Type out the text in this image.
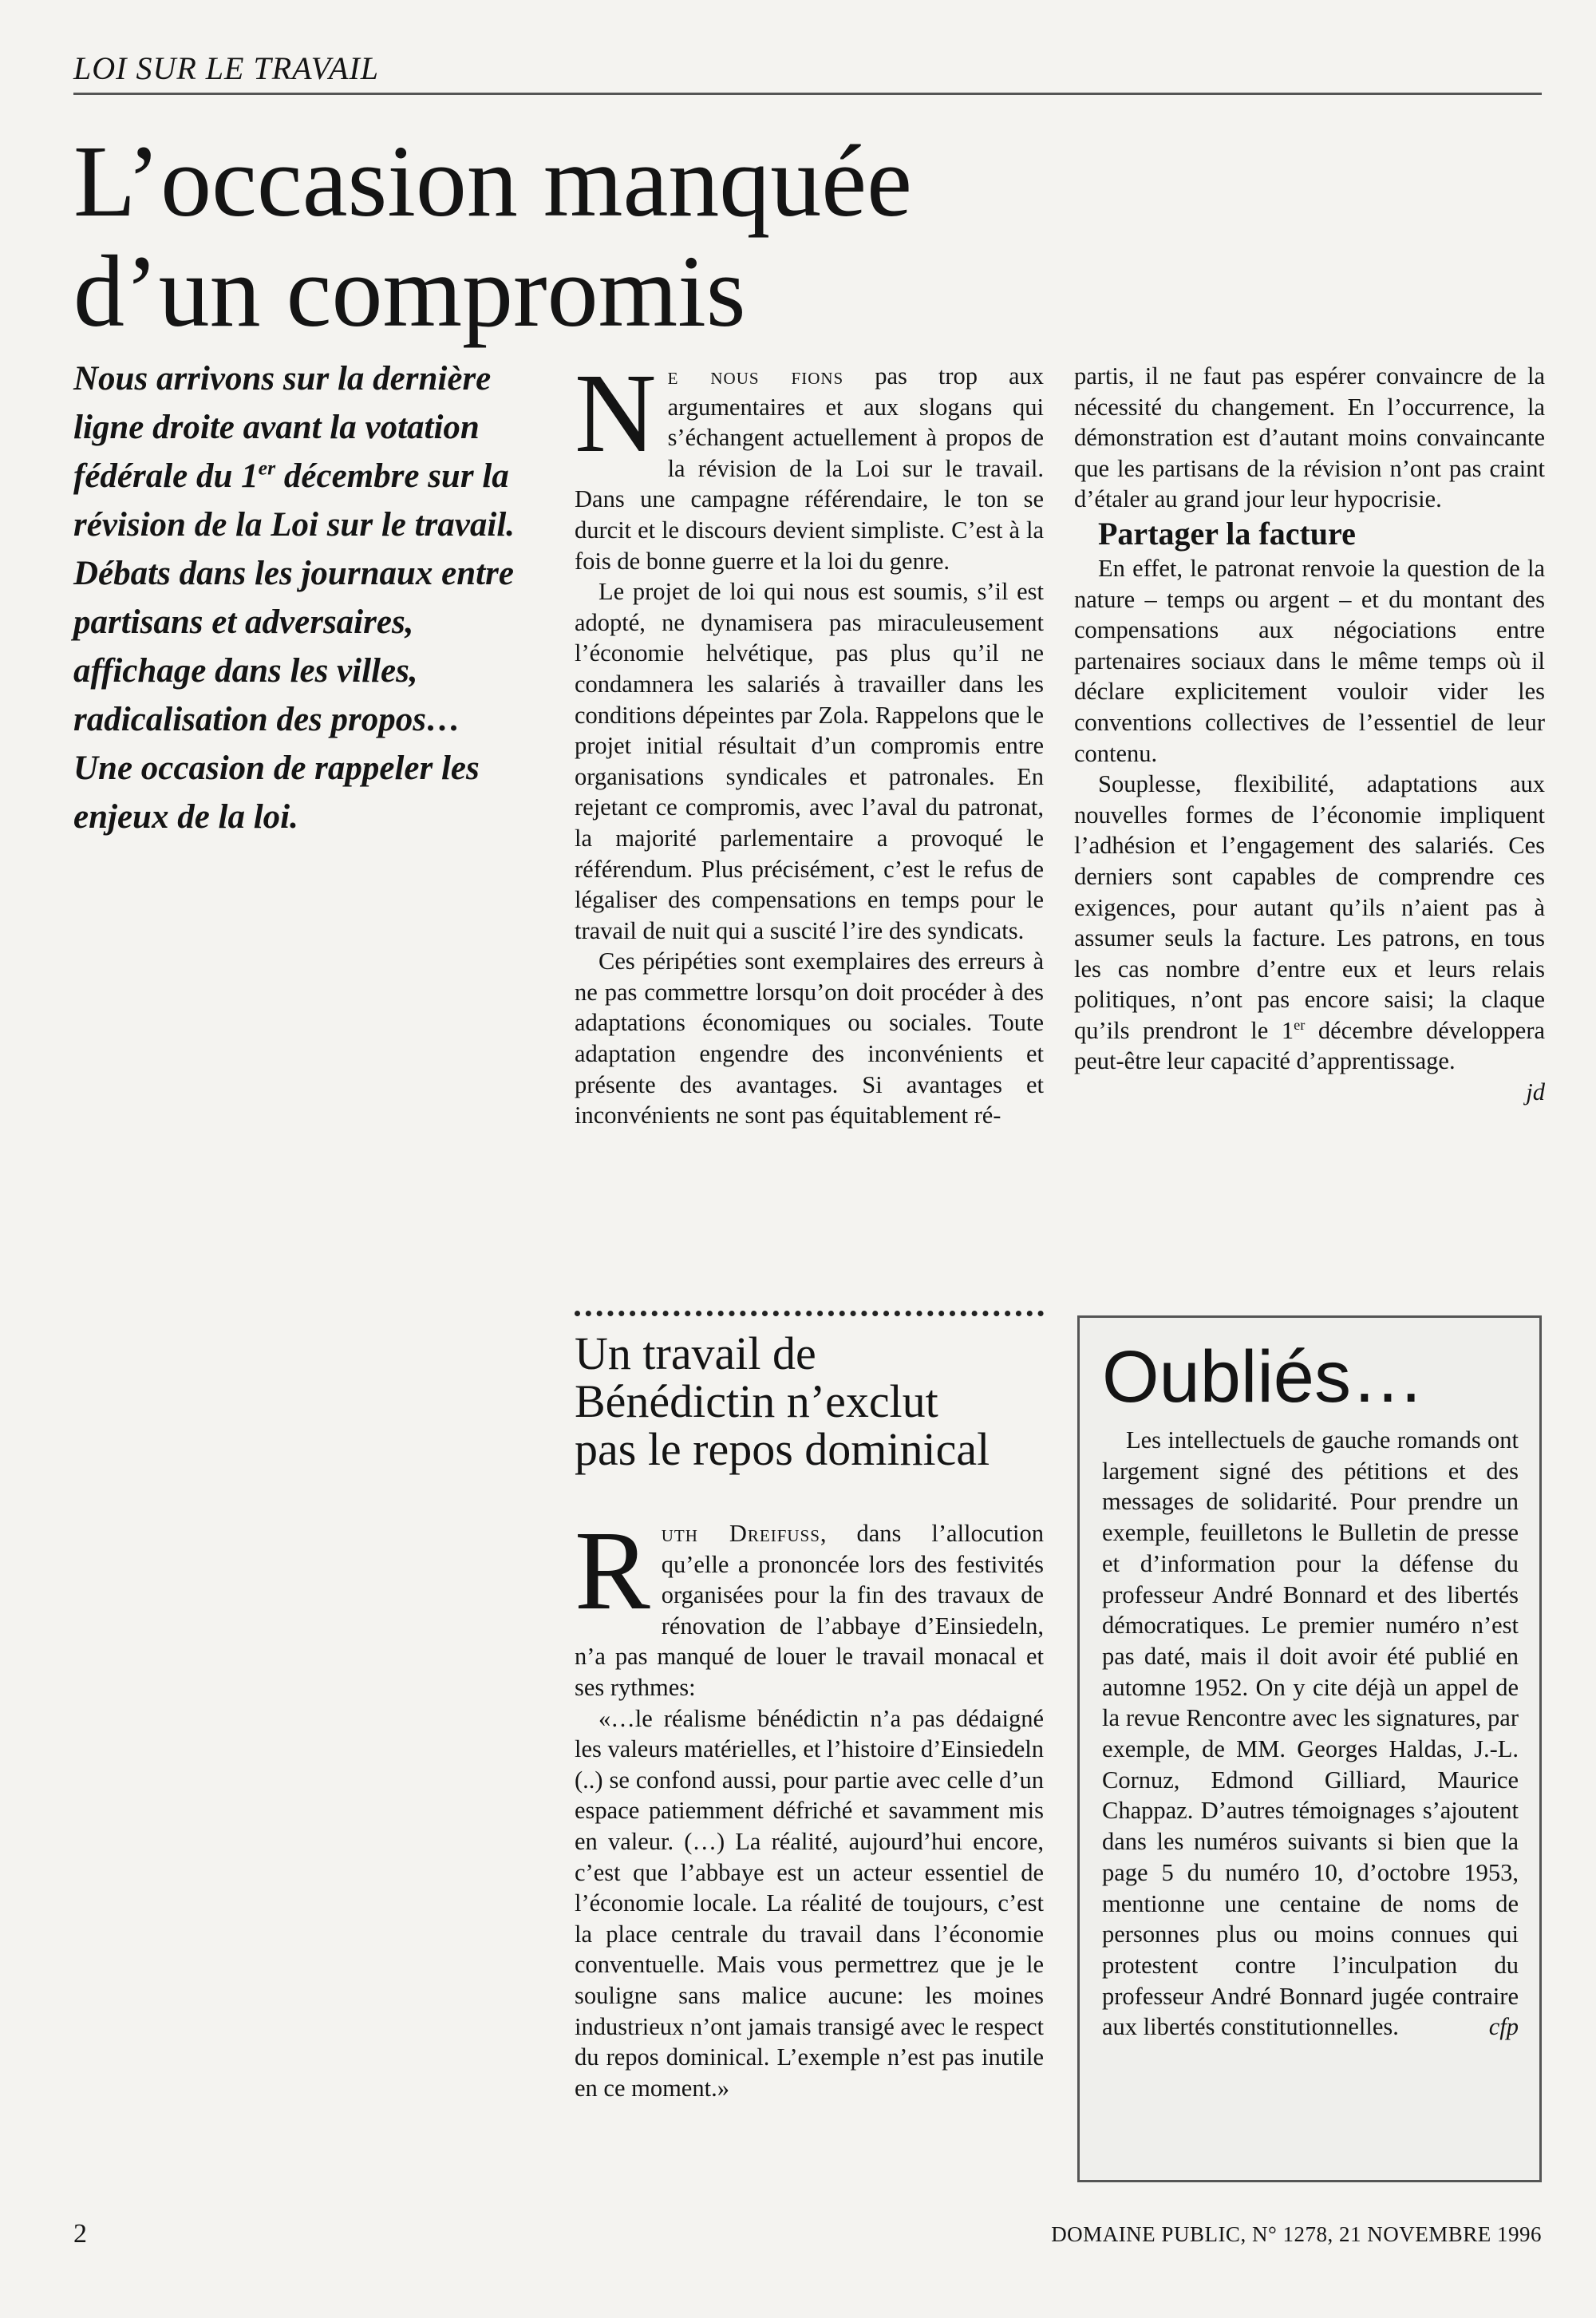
LOI SUR LE TRAVAIL
L’occasion manquée
d’un compromis

Nous arrivons sur la dernière ligne droite avant la votation fédérale du 1er décembre sur la révision de la Loi sur le travail.

Débats dans les journaux entre partisans et adversaires, affichage dans les villes, radicalisation des propos…

Une occasion de rappeler les enjeux de la loi.

Ne nous fions pas trop aux argumentaires et aux slogans qui s’échangent actuellement à propos de la révision de la Loi sur le travail. Dans une campagne référendaire, le ton se durcit et le discours devient simpliste. C’est à la fois de bonne guerre et la loi du genre.

Le projet de loi qui nous est soumis, s’il est adopté, ne dynamisera pas miraculeusement l’économie helvétique, pas plus qu’il ne condamnera les salariés à travailler dans les conditions dépeintes par Zola. Rappelons que le projet initial résultait d’un compromis entre organisations syndicales et patronales. En rejetant ce compromis, avec l’aval du patronat, la majorité parlementaire a provoqué le référendum. Plus précisément, c’est le refus de légaliser des compensations en temps pour le travail de nuit qui a suscité l’ire des syndicats.

Ces péripéties sont exemplaires des erreurs à ne pas commettre lorsqu’on doit procéder à des adaptations économiques ou sociales. Toute adaptation engendre des inconvénients et présente des avantages. Si avantages et inconvénients ne sont pas équitablement ré-

partis, il ne faut pas espérer convaincre de la nécessité du changement. En l’occurrence, la démonstration est d’autant moins convaincante que les partisans de la révision n’ont pas craint d’étaler au grand jour leur hypocrisie.

Partager la facture

En effet, le patronat renvoie la question de la nature – temps ou argent – et du montant des compensations aux négociations entre partenaires sociaux dans le même temps où il déclare explicitement vouloir vider les conventions collectives de l’essentiel de leur contenu.

Souplesse, flexibilité, adaptations aux nouvelles formes de l’économie impliquent l’adhésion et l’engagement des salariés. Ces derniers sont capables de comprendre ces exigences, pour autant qu’ils n’aient pas à assumer seuls la facture. Les patrons, en tous les cas nombre d’entre eux et leurs relais politiques, n’ont pas encore saisi; la claque qu’ils prendront le 1er décembre développera peut-être leur capacité d’apprentissage.

jd

Un travail de
Bénédictin n’exclut
pas le repos dominical

Ruth Dreifuss, dans l’allocution qu’elle a prononcée lors des festivités organisées pour la fin des travaux de rénovation de l’abbaye d’Einsiedeln, n’a pas manqué de louer le travail monacal et ses rythmes:

«…le réalisme bénédictin n’a pas dédaigné les valeurs matérielles, et l’histoire d’Einsiedeln (..) se confond aussi, pour partie avec celle d’un espace patiemment défriché et savamment mis en valeur. (…) La réalité, aujourd’hui encore, c’est que l’abbaye est un acteur essentiel de l’économie locale. La réalité de toujours, c’est la place centrale du travail dans l’économie conventuelle. Mais vous permettrez que je le souligne sans malice aucune: les moines industrieux n’ont jamais transigé avec le respect du repos dominical. L’exemple n’est pas inutile en ce moment.»

Oubliés…

Les intellectuels de gauche romands ont largement signé des pétitions et des messages de solidarité. Pour prendre un exemple, feuilletons le Bulletin de presse et d’information pour la défense du professeur André Bonnard et des libertés démocratiques. Le premier numéro n’est pas daté, mais il doit avoir été publié en automne 1952. On y cite déjà un appel de la revue Rencontre avec les signatures, par exemple, de MM. Georges Haldas, J.-L. Cornuz, Edmond Gilliard, Maurice Chappaz. D’autres témoignages s’ajoutent dans les numéros suivants si bien que la page 5 du numéro 10, d’octobre 1953, mentionne une centaine de noms de personnes plus ou moins connues qui protestent contre l’inculpation du professeur André Bonnard jugée contraire aux libertés constitutionnelles.	cfp

2	DOMAINE PUBLIC, N° 1278, 21 NOVEMBRE 1996
